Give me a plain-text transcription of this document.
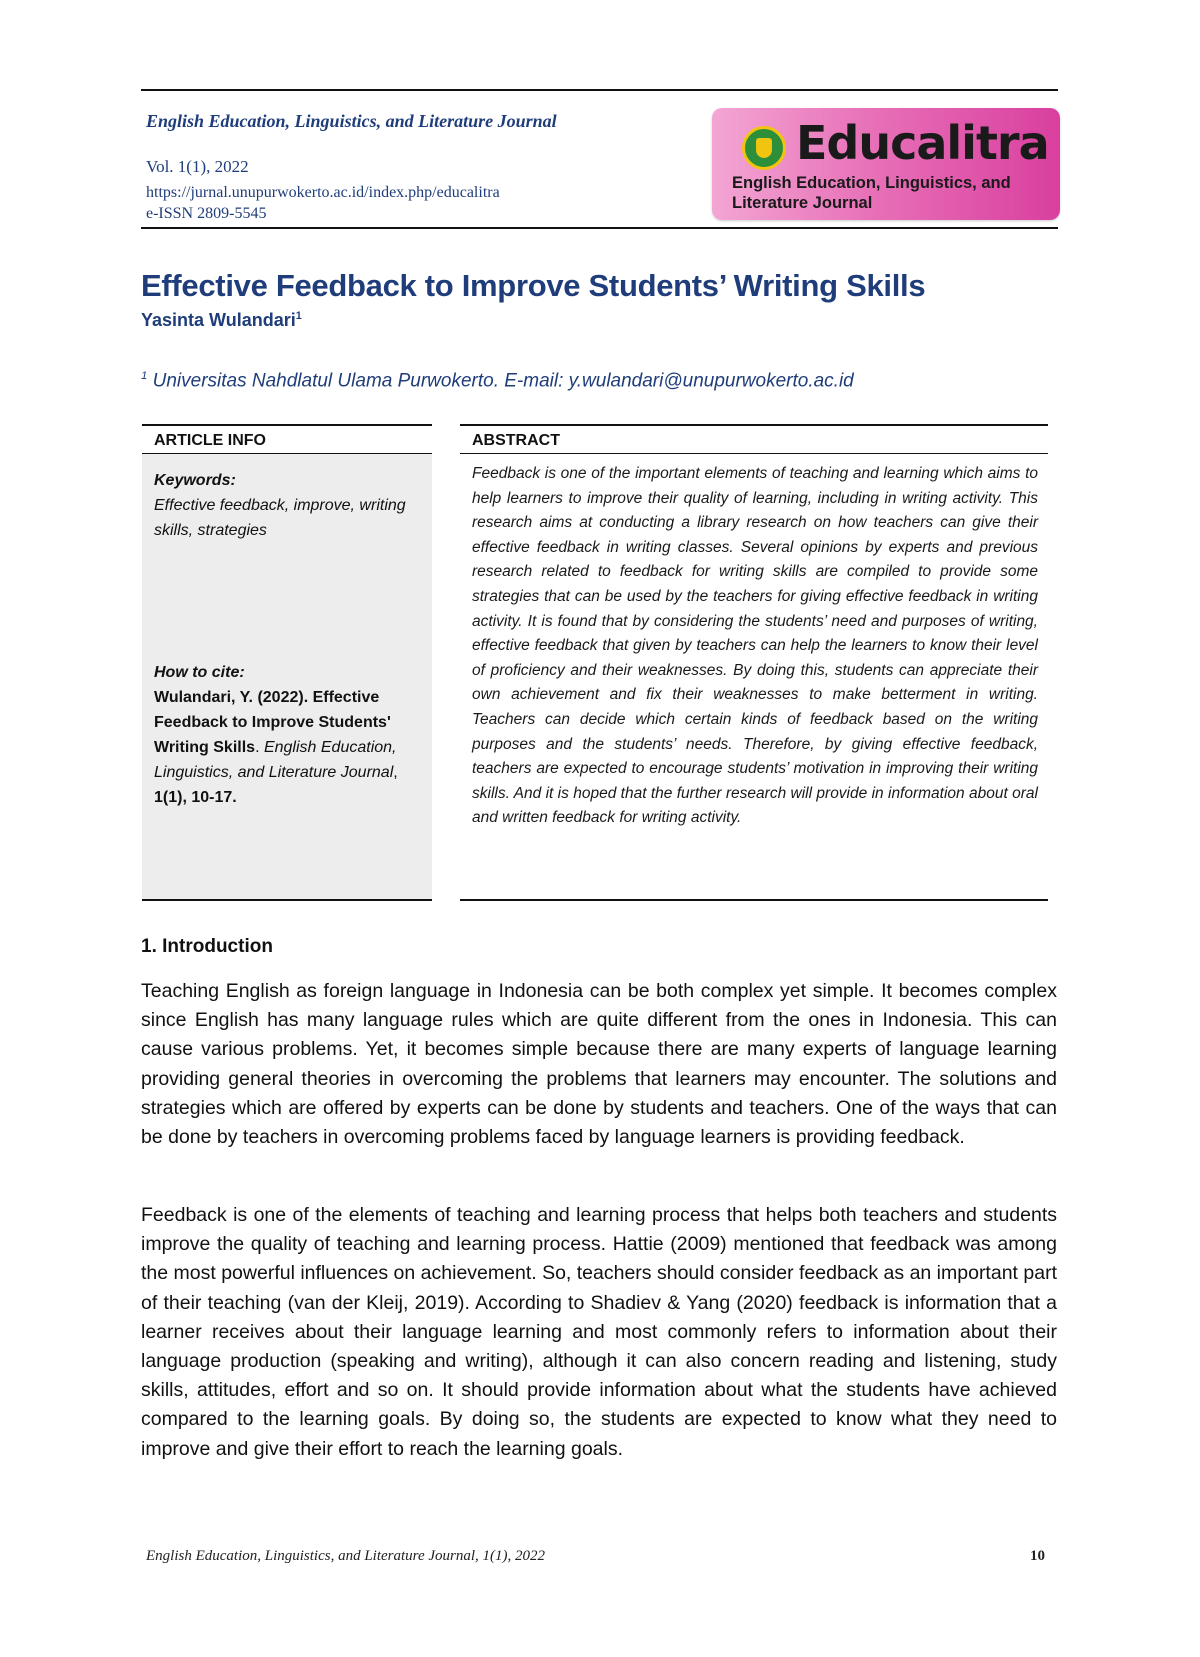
English Education, Linguistics, and Literature Journal
Vol. 1(1), 2022
https://jurnal.unupurwokerto.ac.id/index.php/educalitra
e-ISSN 2809-5545
Educalitra
English Education, Linguistics, and
Literature Journal
Effective Feedback to Improve Students’ Writing Skills
Yasinta Wulandari$^1$
$^1$ Universitas Nahdlatul Ulama Purwokerto. E-mail: y.wulandari@unupurwokerto.ac.id
ARTICLE INFO
Keywords:
Effective feedback, improve, writing skills, strategies
How to cite:
Wulandari, Y. (2022). Effective Feedback to Improve Students' Writing Skills. English Education, Linguistics, and Literature Journal, 1(1), 10-17.
ABSTRACT
Feedback is one of the important elements of teaching and learning which aims to help learners to improve their quality of learning, including in writing activity. This research aims at conducting a library research on how teachers can give their effective feedback in writing classes. Several opinions by experts and previous research related to feedback for writing skills are compiled to provide some strategies that can be used by the teachers for giving effective feedback in writing activity. It is found that by considering the students’ need and purposes of writing, effective feedback that given by teachers can help the learners to know their level of proficiency and their weaknesses. By doing this, students can appreciate their own achievement and fix their weaknesses to make betterment in writing. Teachers can decide which certain kinds of feedback based on the writing purposes and the students’ needs. Therefore, by giving effective feedback, teachers are expected to encourage students’ motivation in improving their writing skills. And it is hoped that the further research will provide in information about oral and written feedback for writing activity.
1. Introduction
Teaching English as foreign language in Indonesia can be both complex yet simple. It becomes complex since English has many language rules which are quite different from the ones in Indonesia. This can cause various problems. Yet, it becomes simple because there are many experts of language learning providing general theories in overcoming the problems that learners may encounter. The solutions and strategies which are offered by experts can be done by students and teachers. One of the ways that can be done by teachers in overcoming problems faced by language learners is providing feedback.
Feedback is one of the elements of teaching and learning process that helps both teachers and students improve the quality of teaching and learning process. Hattie (2009) mentioned that feedback was among the most powerful influences on achievement. So, teachers should consider feedback as an important part of their teaching (van der Kleij, 2019). According to Shadiev & Yang (2020) feedback is information that a learner receives about their language learning and most commonly refers to information about their language production (speaking and writing), although it can also concern reading and listening, study skills, attitudes, effort and so on. It should provide information about what the students have achieved compared to the learning goals. By doing so, the students are expected to know what they need to improve and give their effort to reach the learning goals.
English Education, Linguistics, and Literature Journal, 1(1), 2022	10
